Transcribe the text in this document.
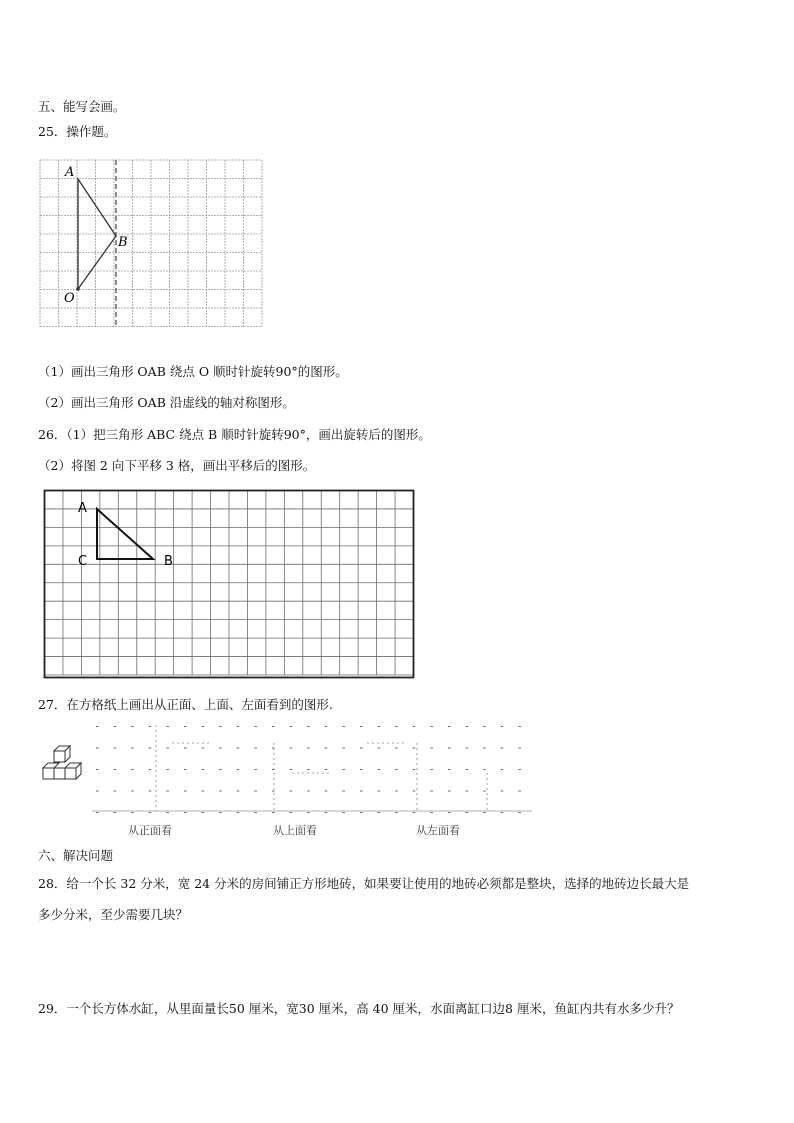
五、能写会画。
25．操作题。
A
B
O
（1）画出三角形 OAB 绕点 O 顺时针旋转90°的图形。
（2）画出三角形 OAB 沿虚线的轴对称图形。
26．（1）把三角形 ABC 绕点 B 顺时针旋转90°，画出旋转后的图形。
（2）将图 2 向下平移 3 格，画出平移后的图形。
A
C	B
27．在方格纸上画出从正面、上面、左面看到的图形.
从正面看	从上面看	从左面看
六、解决问题
28．给一个长 32 分米，宽 24 分米的房间铺正方形地砖，如果要让使用的地砖必须都是整块，选择的地砖边长最大是
多少分米，至少需要几块？
29．一个长方体水缸，从里面量长50 厘米，宽30 厘米，高 40 厘米，水面离缸口边8 厘米，鱼缸内共有水多少升？
